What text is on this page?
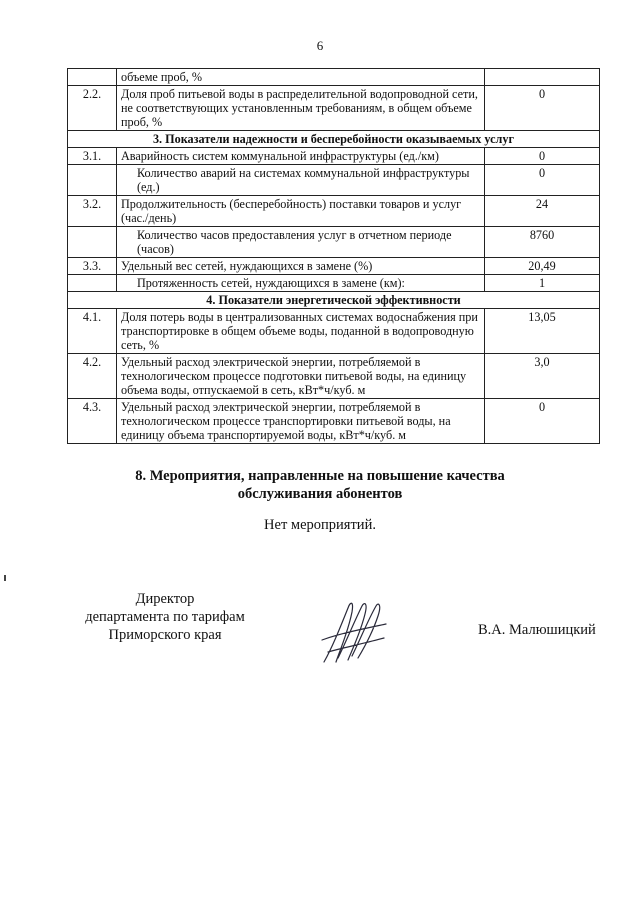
6
	объеме проб, %	
2.2.	Доля проб питьевой воды в распределительной водопроводной сети, не соответствующих установленным требованиям, в общем объеме проб, %	0
3. Показатели надежности и бесперебойности оказываемых услуг		
3.1.	Аварийность систем коммунальной инфраструктуры (ед./км)	0
	Количество аварий на системах коммунальной инфраструктуры (ед.)	0
3.2.	Продолжительность (бесперебойность) поставки товаров и услуг (час./день)	24
	Количество часов предоставления услуг в отчетном периоде (часов)	8760
3.3.	Удельный вес сетей, нуждающихся в замене (%)	20,49
	Протяженность сетей, нуждающихся в замене (км):	1
4. Показатели энергетической эффективности		
4.1.	Доля потерь воды в централизованных системах водоснабжения при транспортировке в общем объеме воды, поданной в водопроводную сеть, %	13,05
4.2.	Удельный расход электрической энергии, потребляемой в технологическом процессе подготовки питьевой воды, на единицу объема воды, отпускаемой в сеть, кВт*ч/куб. м	3,0
4.3.	Удельный расход электрической энергии, потребляемой в технологическом процессе транспортировки питьевой воды, на единицу объема транспортируемой воды, кВт*ч/куб. м	0
8. Мероприятия, направленные на повышение качества
обслуживания абонентов
Нет мероприятий.
Директор
департамента по тарифам
Приморского края	В.А. Малюшицкий
